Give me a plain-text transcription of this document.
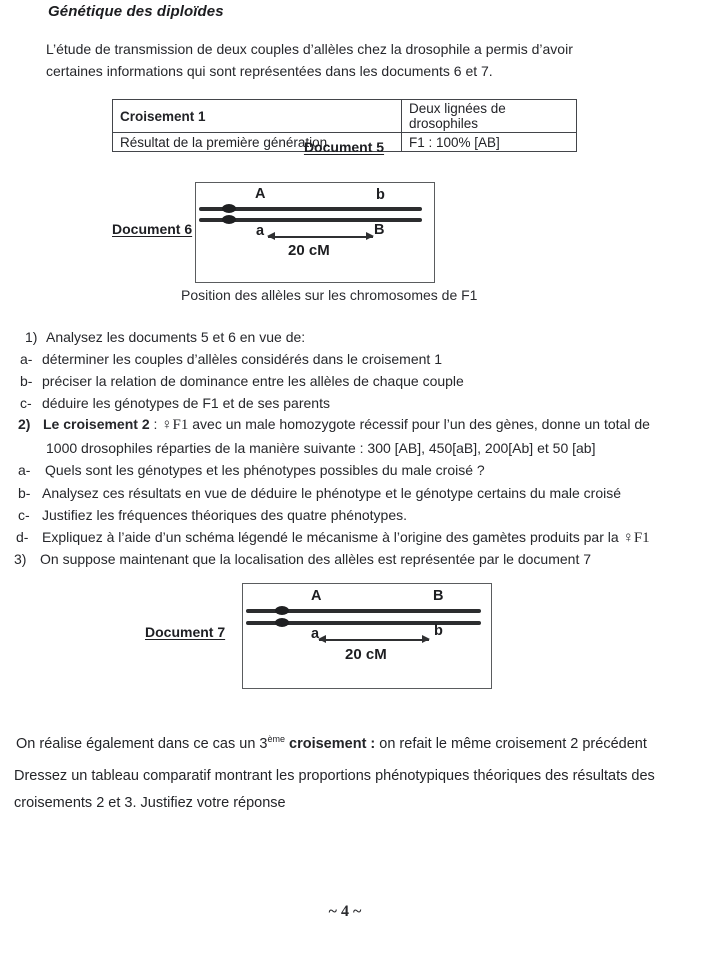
Génétique des diploïdes

L’étude de transmission de deux couples d’allèles chez la drosophile a permis d’avoir certaines informations qui sont représentées dans les documents 6 et 7.

Croisement 1	Deux lignées de drosophiles
Résultat de la première génération	F1 : 100% [AB]
Document 5
Document 6
A	b
a	B
20 cM
Position des allèles sur les chromosomes de F1
1) Analysez les documents 5 et 6 en vue de:
a- déterminer les couples d’allèles considérés dans le croisement 1
b- préciser la relation de dominance entre les allèles de chaque couple
c- déduire les génotypes de F1 et de ses parents
2) Le croisement 2 : ♀F1 avec un male homozygote récessif pour l’un des gènes, donne un total de
1000 drosophiles réparties de la manière suivante : 300 [AB], 450[aB], 200[Ab] et 50 [ab]
a- Quels sont les génotypes et les phénotypes possibles du male croisé ?
b- Analysez ces résultats en vue de déduire le phénotype et le génotype certains du male croisé
c- Justifiez les fréquences théoriques des quatre phénotypes.
d- Expliquez à l’aide d’un schéma légendé le mécanisme à l’origine des gamètes produits par la ♀F1
3) On suppose maintenant que la localisation des allèles est représentée par le document 7
Document 7
A	B
a	b
20 cM
On réalise également dans ce cas un 3ème croisement : on refait le même croisement 2 précédent
Dressez un tableau comparatif montrant les proportions phénotypiques théoriques des résultats des croisements 2 et 3. Justifiez votre réponse
~ 4 ~
